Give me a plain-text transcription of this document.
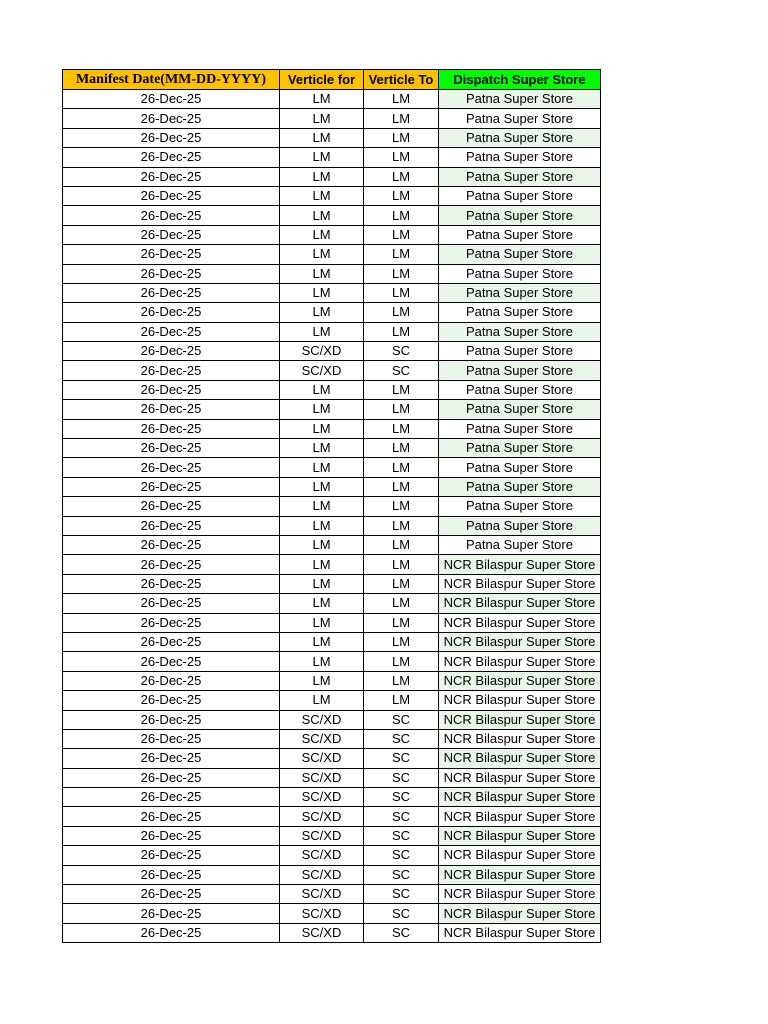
Manifest Date(MM-DD-YYYY)	Verticle for	Verticle To	Dispatch Super Store
26-Dec-25	LM	LM	Patna Super Store
26-Dec-25	LM	LM	Patna Super Store
26-Dec-25	LM	LM	Patna Super Store
26-Dec-25	LM	LM	Patna Super Store
26-Dec-25	LM	LM	Patna Super Store
26-Dec-25	LM	LM	Patna Super Store
26-Dec-25	LM	LM	Patna Super Store
26-Dec-25	LM	LM	Patna Super Store
26-Dec-25	LM	LM	Patna Super Store
26-Dec-25	LM	LM	Patna Super Store
26-Dec-25	LM	LM	Patna Super Store
26-Dec-25	LM	LM	Patna Super Store
26-Dec-25	LM	LM	Patna Super Store
26-Dec-25	SC/XD	SC	Patna Super Store
26-Dec-25	SC/XD	SC	Patna Super Store
26-Dec-25	LM	LM	Patna Super Store
26-Dec-25	LM	LM	Patna Super Store
26-Dec-25	LM	LM	Patna Super Store
26-Dec-25	LM	LM	Patna Super Store
26-Dec-25	LM	LM	Patna Super Store
26-Dec-25	LM	LM	Patna Super Store
26-Dec-25	LM	LM	Patna Super Store
26-Dec-25	LM	LM	Patna Super Store
26-Dec-25	LM	LM	Patna Super Store
26-Dec-25	LM	LM	NCR Bilaspur Super Store
26-Dec-25	LM	LM	NCR Bilaspur Super Store
26-Dec-25	LM	LM	NCR Bilaspur Super Store
26-Dec-25	LM	LM	NCR Bilaspur Super Store
26-Dec-25	LM	LM	NCR Bilaspur Super Store
26-Dec-25	LM	LM	NCR Bilaspur Super Store
26-Dec-25	LM	LM	NCR Bilaspur Super Store
26-Dec-25	LM	LM	NCR Bilaspur Super Store
26-Dec-25	SC/XD	SC	NCR Bilaspur Super Store
26-Dec-25	SC/XD	SC	NCR Bilaspur Super Store
26-Dec-25	SC/XD	SC	NCR Bilaspur Super Store
26-Dec-25	SC/XD	SC	NCR Bilaspur Super Store
26-Dec-25	SC/XD	SC	NCR Bilaspur Super Store
26-Dec-25	SC/XD	SC	NCR Bilaspur Super Store
26-Dec-25	SC/XD	SC	NCR Bilaspur Super Store
26-Dec-25	SC/XD	SC	NCR Bilaspur Super Store
26-Dec-25	SC/XD	SC	NCR Bilaspur Super Store
26-Dec-25	SC/XD	SC	NCR Bilaspur Super Store
26-Dec-25	SC/XD	SC	NCR Bilaspur Super Store
26-Dec-25	SC/XD	SC	NCR Bilaspur Super Store
